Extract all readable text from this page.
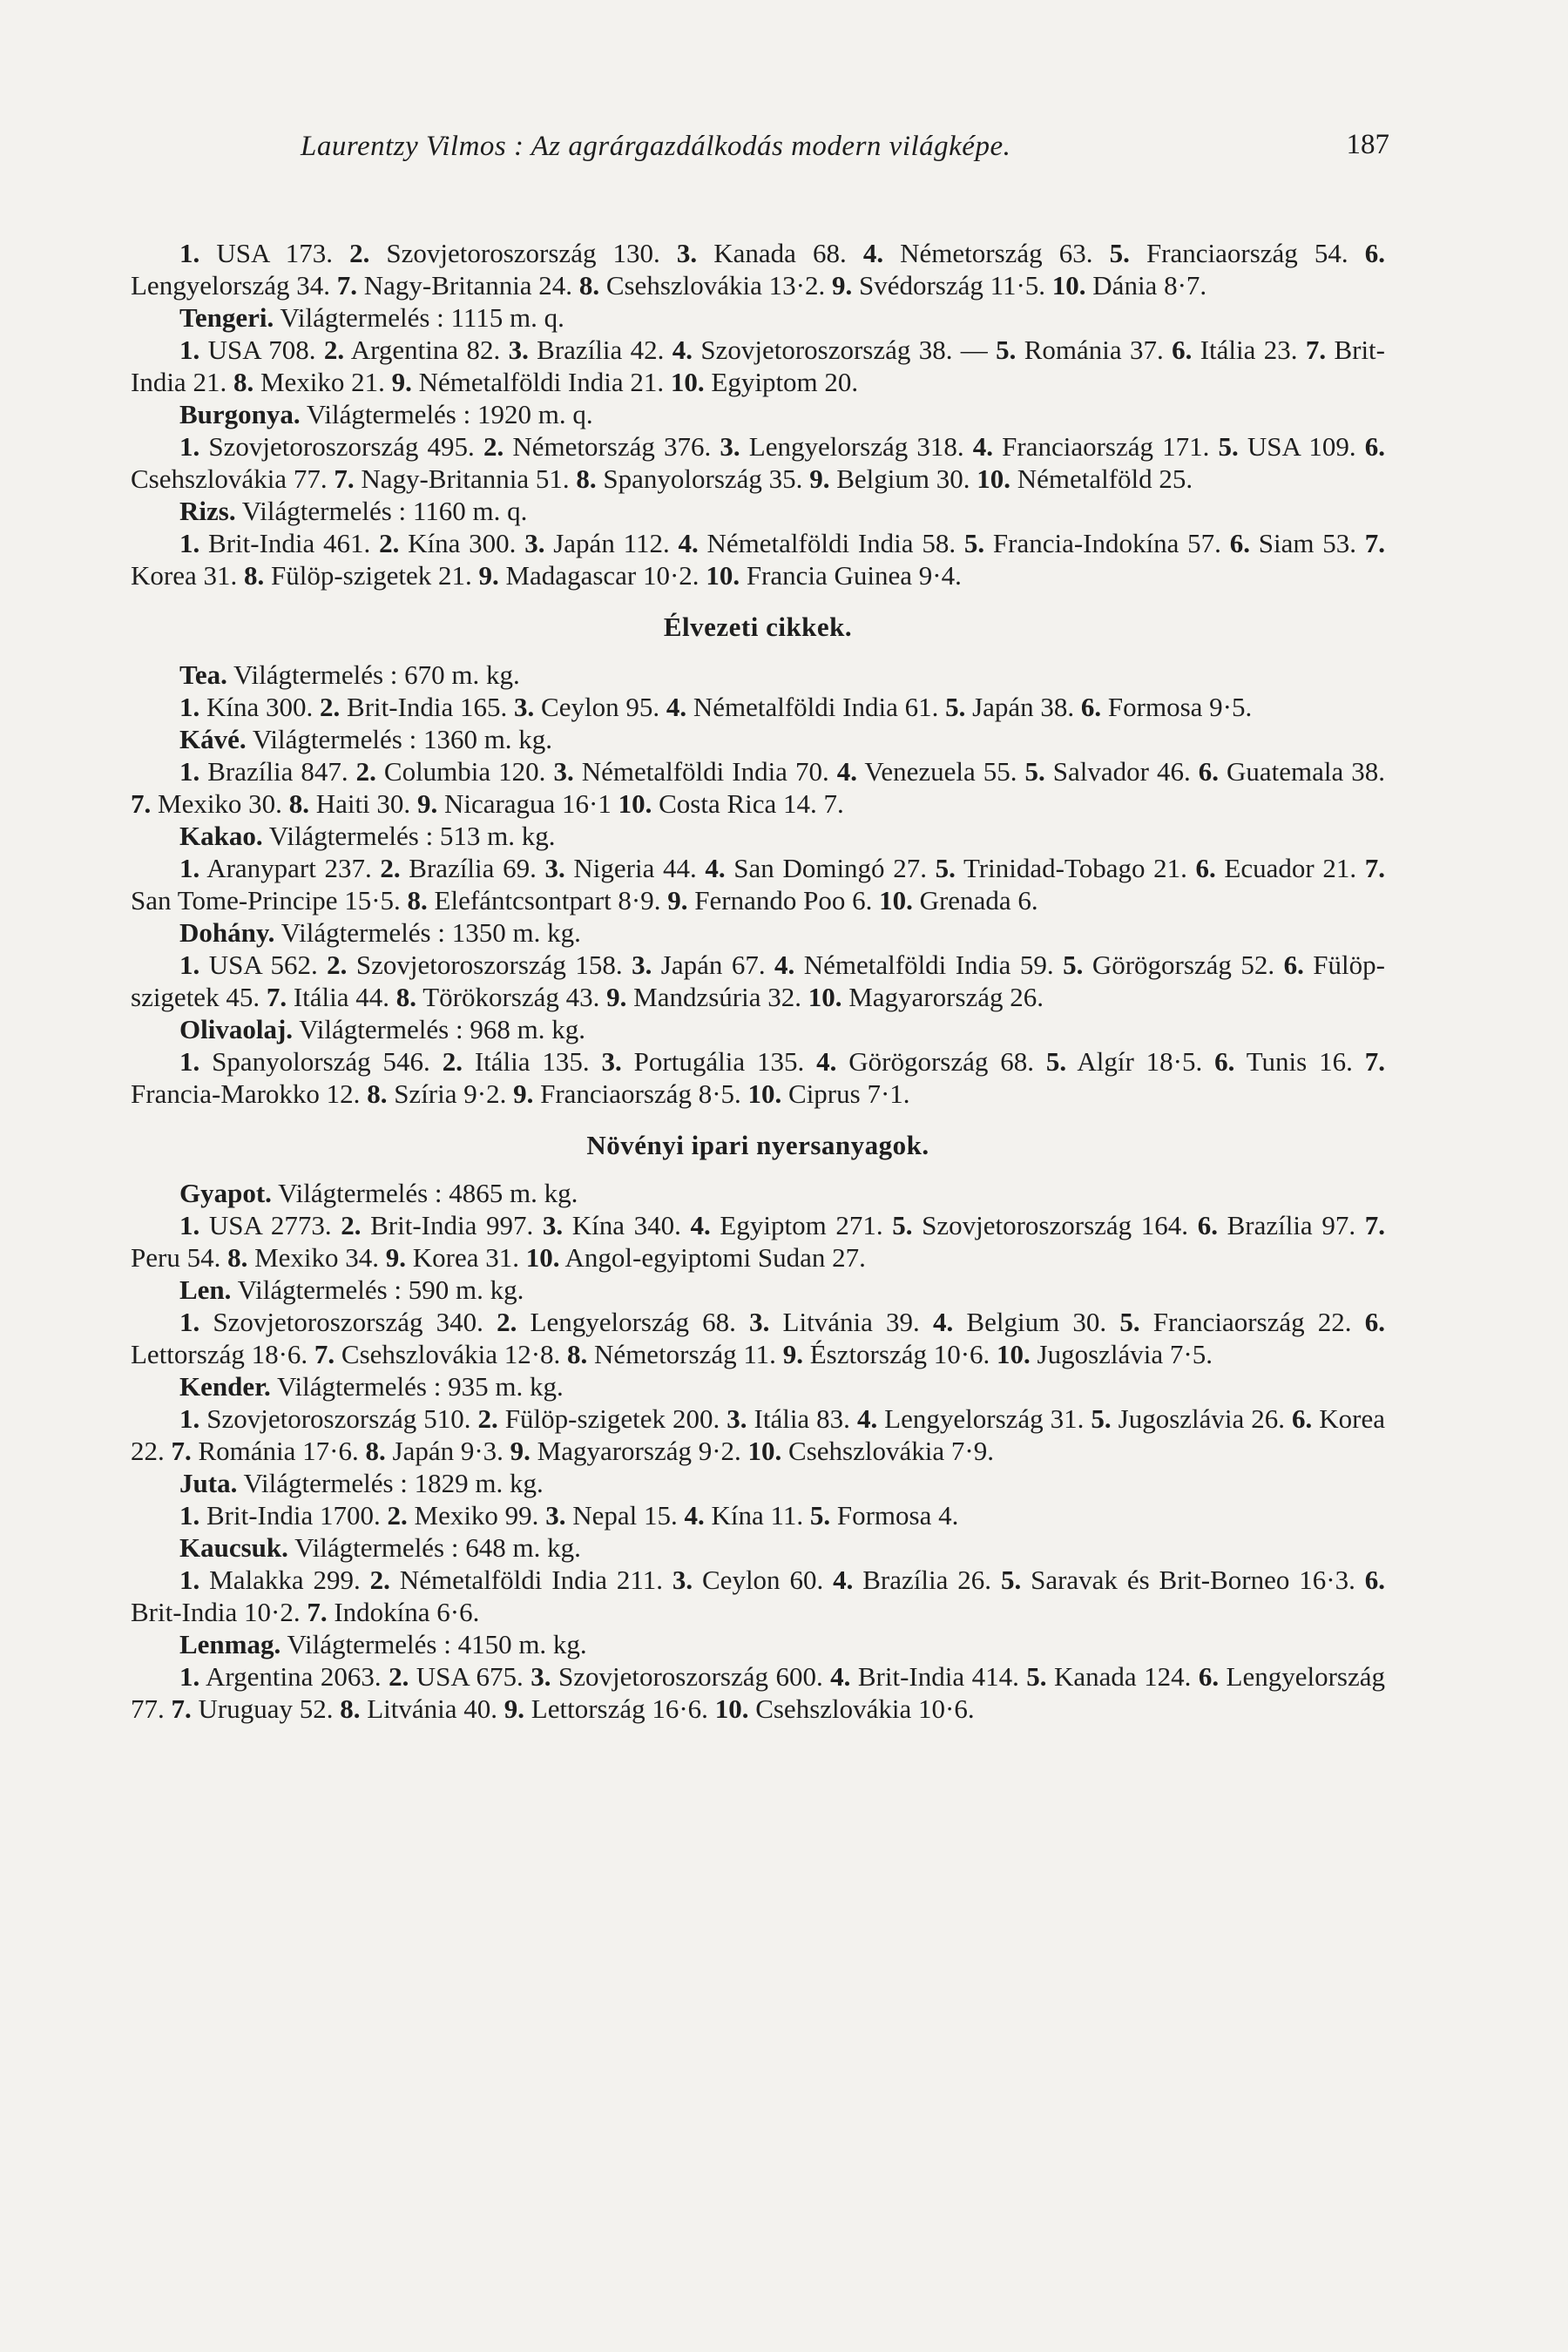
Laurentzy Vilmos : Az agrárgazdálkodás modern világképe.	187

1. USA 173. 2. Szovjetoroszország 130. 3. Kanada 68. 4. Németország 63. 5. Franciaország 54. 6. Lengyelország 34. 7. Nagy-Britannia 24. 8. Csehszlovákia 13·2. 9. Svédország 11·5. 10. Dánia 8·7.

Tengeri. Világtermelés : 1115 m. q.

1. USA 708. 2. Argentina 82. 3. Brazília 42. 4. Szovjetoroszország 38. — 5. Románia 37. 6. Itália 23. 7. Brit-India 21. 8. Mexiko 21. 9. Németalföldi India 21. 10. Egyiptom 20.

Burgonya. Világtermelés : 1920 m. q.

1. Szovjetoroszország 495. 2. Németország 376. 3. Lengyelország 318. 4. Franciaország 171. 5. USA 109. 6. Csehszlovákia 77. 7. Nagy-Britannia 51. 8. Spanyolország 35. 9. Belgium 30. 10. Németalföld 25.

Rizs. Világtermelés : 1160 m. q.

1. Brit-India 461. 2. Kína 300. 3. Japán 112. 4. Németalföldi India 58. 5. Francia-Indokína 57. 6. Siam 53. 7. Korea 31. 8. Fülöp-szigetek 21. 9. Madagascar 10·2. 10. Francia Guinea 9·4.

Élvezeti cikkek.

Tea. Világtermelés : 670 m. kg.

1. Kína 300. 2. Brit-India 165. 3. Ceylon 95. 4. Németalföldi India 61. 5. Japán 38. 6. Formosa 9·5.

Kávé. Világtermelés : 1360 m. kg.

1. Brazília 847. 2. Columbia 120. 3. Németalföldi India 70. 4. Venezuela 55. 5. Salvador 46. 6. Guatemala 38. 7. Mexiko 30. 8. Haiti 30. 9. Nicaragua 16·1 10. Costa Rica 14. 7.

Kakao. Világtermelés : 513 m. kg.

1. Aranypart 237. 2. Brazília 69. 3. Nigeria 44. 4. San Domingó 27. 5. Trinidad-Tobago 21. 6. Ecuador 21. 7. San Tome-Principe 15·5. 8. Elefántcsontpart 8·9. 9. Fernando Poo 6. 10. Grenada 6.

Dohány. Világtermelés : 1350 m. kg.

1. USA 562. 2. Szovjetoroszország 158. 3. Japán 67. 4. Németalföldi India 59. 5. Görögország 52. 6. Fülöp-szigetek 45. 7. Itália 44. 8. Törökország 43. 9. Mandzsúria 32. 10. Magyarország 26.

Olivaolaj. Világtermelés : 968 m. kg.

1. Spanyolország 546. 2. Itália 135. 3. Portugália 135. 4. Görögország 68. 5. Algír 18·5. 6. Tunis 16. 7. Francia-Marokko 12. 8. Szíria 9·2. 9. Franciaország 8·5. 10. Ciprus 7·1.

Növényi ipari nyersanyagok.

Gyapot. Világtermelés : 4865 m. kg.

1. USA 2773. 2. Brit-India 997. 3. Kína 340. 4. Egyiptom 271. 5. Szovjetoroszország 164. 6. Brazília 97. 7. Peru 54. 8. Mexiko 34. 9. Korea 31. 10. Angol-egyiptomi Sudan 27.

Len. Világtermelés : 590 m. kg.

1. Szovjetoroszország 340. 2. Lengyelország 68. 3. Litvánia 39. 4. Belgium 30. 5. Franciaország 22. 6. Lettország 18·6. 7. Csehszlovákia 12·8. 8. Németország 11. 9. Észtország 10·6. 10. Jugoszlávia 7·5.

Kender. Világtermelés : 935 m. kg.

1. Szovjetoroszország 510. 2. Fülöp-szigetek 200. 3. Itália 83. 4. Lengyelország 31. 5. Jugoszlávia 26. 6. Korea 22. 7. Románia 17·6. 8. Japán 9·3. 9. Magyarország 9·2. 10. Csehszlovákia 7·9.

Juta. Világtermelés : 1829 m. kg.

1. Brit-India 1700. 2. Mexiko 99. 3. Nepal 15. 4. Kína 11. 5. Formosa 4.

Kaucsuk. Világtermelés : 648 m. kg.

1. Malakka 299. 2. Németalföldi India 211. 3. Ceylon 60. 4. Brazília 26. 5. Saravak és Brit-Borneo 16·3. 6. Brit-India 10·2. 7. Indokína 6·6.

Lenmag. Világtermelés : 4150 m. kg.

1. Argentina 2063. 2. USA 675. 3. Szovjetoroszország 600. 4. Brit-India 414. 5. Kanada 124. 6. Lengyelország 77. 7. Uruguay 52. 8. Litvánia 40. 9. Lettország 16·6. 10. Csehszlovákia 10·6.
